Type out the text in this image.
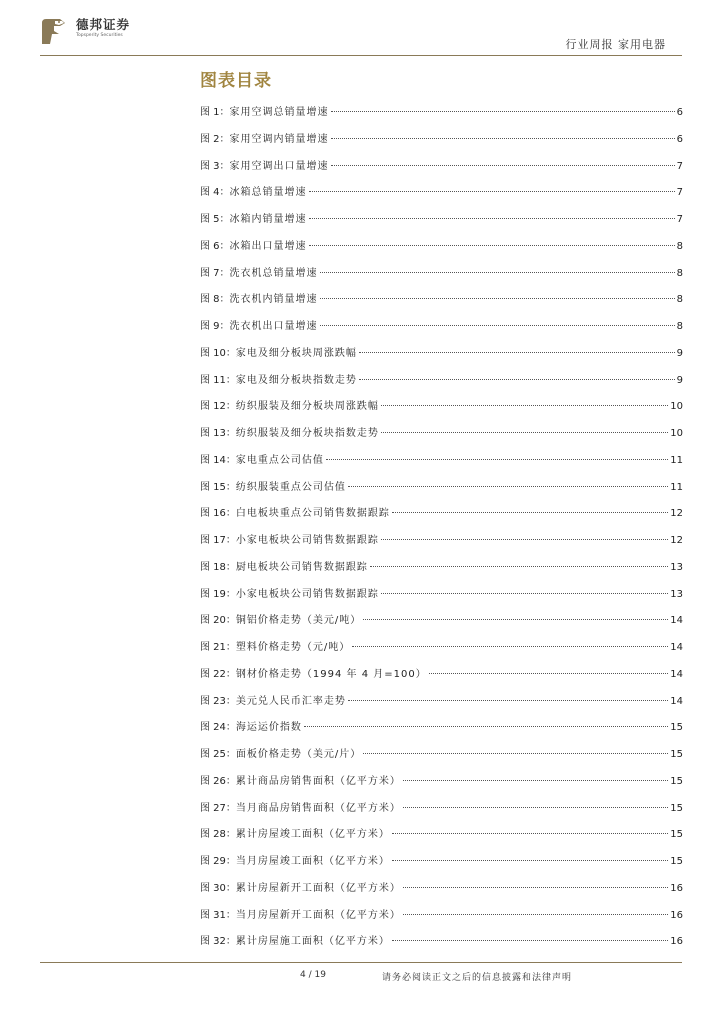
德邦证券
Topsperity Securities
行业周报 家用电器
图表目录
图 1 ： 家用空调总销量增速	6
图 2 ： 家用空调内销量增速	6
图 3 ： 家用空调出口量增速	7
图 4 ： 冰箱总销量增速	7
图 5 ： 冰箱内销量增速	7
图 6 ： 冰箱出口量增速	8
图 7 ： 洗衣机总销量增速	8
图 8 ： 洗衣机内销量增速	8
图 9 ： 洗衣机出口量增速	8
图 10 ： 家电及细分板块周涨跌幅	9
图 11 ： 家电及细分板块指数走势	9
图 12 ： 纺织服装及细分板块周涨跌幅	10
图 13 ： 纺织服装及细分板块指数走势	10
图 14 ： 家电重点公司估值	11
图 15 ： 纺织服装重点公司估值	11
图 16 ： 白电板块重点公司销售数据跟踪	12
图 17 ： 小家电板块公司销售数据跟踪	12
图 18 ： 厨电板块公司销售数据跟踪	13
图 19 ： 小家电板块公司销售数据跟踪	13
图 20 ： 铜铝价格走势（美元/吨）	14
图 21 ： 塑料价格走势（元/吨）	14
图 22 ： 钢材价格走势（1994 年 4 月=100）	14
图 23 ： 美元兑人民币汇率走势	14
图 24 ： 海运运价指数	15
图 25 ： 面板价格走势（美元/片）	15
图 26 ： 累计商品房销售面积（亿平方米）	15
图 27 ： 当月商品房销售面积（亿平方米）	15
图 28 ： 累计房屋竣工面积（亿平方米）	15
图 29 ： 当月房屋竣工面积（亿平方米）	15
图 30 ： 累计房屋新开工面积（亿平方米）	16
图 31 ： 当月房屋新开工面积（亿平方米）	16
图 32 ： 累计房屋施工面积（亿平方米）	16
4 / 19	请务必阅读正文之后的信息披露和法律声明
